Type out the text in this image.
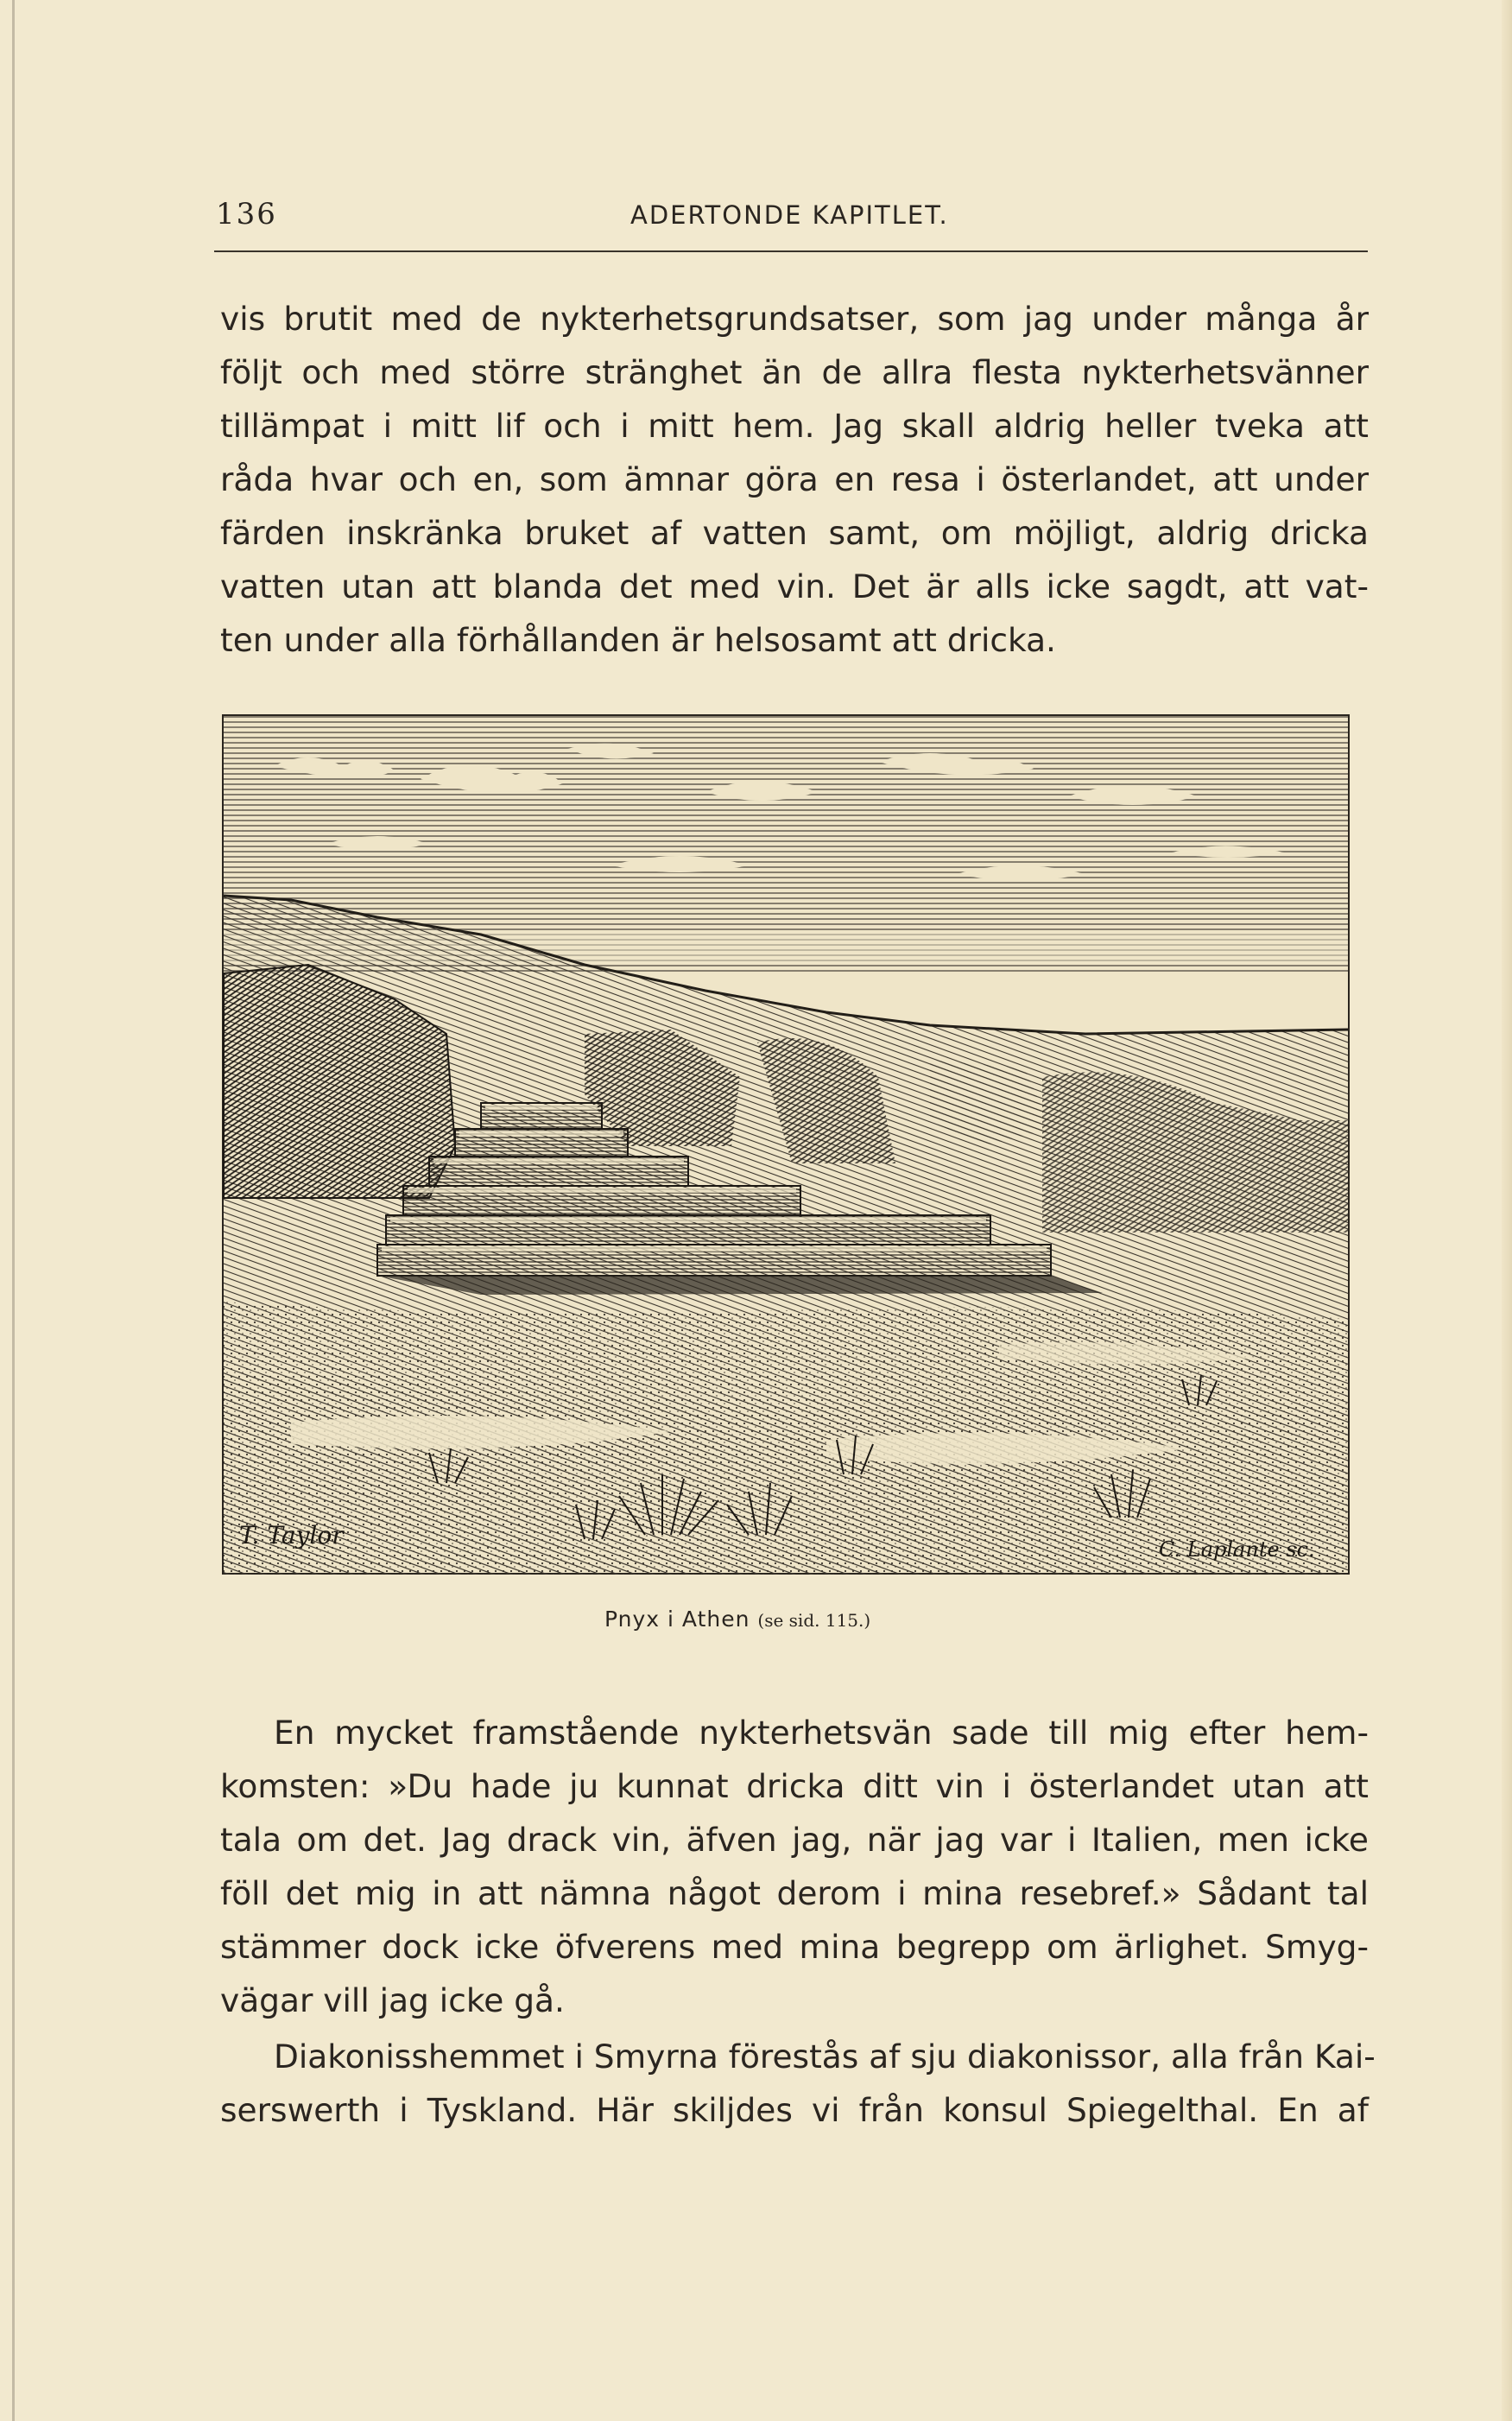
136	ADERTONDE KAPITLET.

vis brutit med de nykterhetsgrundsatser, som jag under många år
följt och med större stränghet än de allra flesta nykterhetsvänner
tillämpat i mitt lif och i mitt hem. Jag skall aldrig heller tveka att
råda hvar och en, som ämnar göra en resa i österlandet, att under
färden inskränka bruket af vatten samt, om möjligt, aldrig dricka
vatten utan att blanda det med vin. Det är alls icke sagdt, att vat-
ten under alla förhållanden är helsosamt att dricka.

T. Taylor	C. Laplante sc.
Pnyx i Athen (se sid. 115.)

En mycket framstående nykterhetsvän sade till mig efter hem-
komsten: »Du hade ju kunnat dricka ditt vin i österlandet utan att
tala om det. Jag drack vin, äfven jag, när jag var i Italien, men icke
föll det mig in att nämna något derom i mina resebref.» Sådant tal
stämmer dock icke öfverens med mina begrepp om ärlighet. Smyg-
vägar vill jag icke gå.

Diakonisshemmet i Smyrna förestås af sju diakonissor, alla från Kai-
serswerth i Tyskland. Här skiljdes vi från konsul Spiegelthal. En af
